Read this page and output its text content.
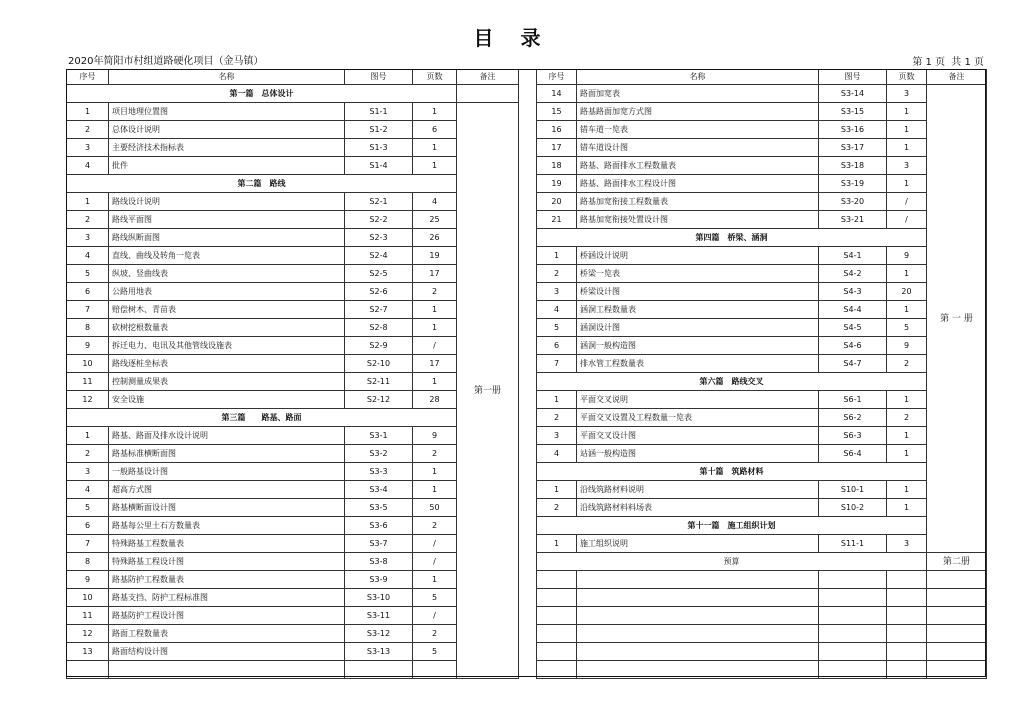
目 录
2020年简阳市村组道路硬化项目（金马镇）	第 1 页 共 1 页
序号	名称	图号	页数	备注		序号	名称	图号	页数	备注
第一篇　总体设计						14	路面加宽表	S3-14	3	第 一 册
1	项目地理位置图	S1-1	1	第一册		15	路基路面加宽方式图	S3-15	1	
2	总体设计说明	S1-2	6			16	错车道一览表	S3-16	1	
3	主要经济技术指标表	S1-3	1			17	错车道设计图	S3-17	1	
4	批件	S1-4	1			18	路基、路面排水工程数量表	S3-18	3	
第二篇　路线						19	路基、路面排水工程设计图	S3-19	1	
1	路线设计说明	S2-1	4			20	路基加宽衔接工程数量表	S3-20	/	
2	路线平面图	S2-2	25			21	路基加宽衔接处置设计图	S3-21	/	
3	路线纵断面图	S2-3	26			第四篇　桥梁、涵洞				
4	直线、曲线及转角一览表	S2-4	19			1	桥涵设计说明	S4-1	9	
5	纵坡、竖曲线表	S2-5	17			2	桥梁一览表	S4-2	1	
6	公路用地表	S2-6	2			3	桥梁设计图	S4-3	20	
7	赔偿树木、青苗表	S2-7	1			4	涵洞工程数量表	S4-4	1	
8	砍树挖根数量表	S2-8	1			5	涵洞设计图	S4-5	5	
9	拆迁电力、电讯及其他管线设施表	S2-9	/			6	涵洞一般构造图	S4-6	9	
10	路线逐桩坐标表	S2-10	17			7	排水管工程数量表	S4-7	2	
11	控制测量成果表	S2-11	1			第六篇　路线交叉				
12	安全设施	S2-12	28			1	平面交叉说明	S6-1	1	
第三篇　　路基、路面						2	平面交叉设置及工程数量一览表	S6-2	2	
1	路基、路面及排水设计说明	S3-1	9			3	平面交叉设计图	S6-3	1	
2	路基标准横断面图	S3-2	2			4	站涵一般构造图	S6-4	1	
3	一般路基设计图	S3-3	1			第十篇　筑路材料				
4	超高方式图	S3-4	1			1	沿线筑路材料说明	S10-1	1	
5	路基横断面设计图	S3-5	50			2	沿线筑路材料料场表	S10-2	1	
6	路基每公里土石方数量表	S3-6	2			第十一篇　施工组织计划				
7	特殊路基工程数量表	S3-7	/			1	施工组织说明	S11-1	3	
8	特殊路基工程设计图	S3-8	/			预算				第二册
9	路基防护工程数量表	S3-9	1							
10	路基支挡、防护工程标准图	S3-10	5							
11	路基防护工程设计图	S3-11	/							
12	路面工程数量表	S3-12	2							
13	路面结构设计图	S3-13	5							
